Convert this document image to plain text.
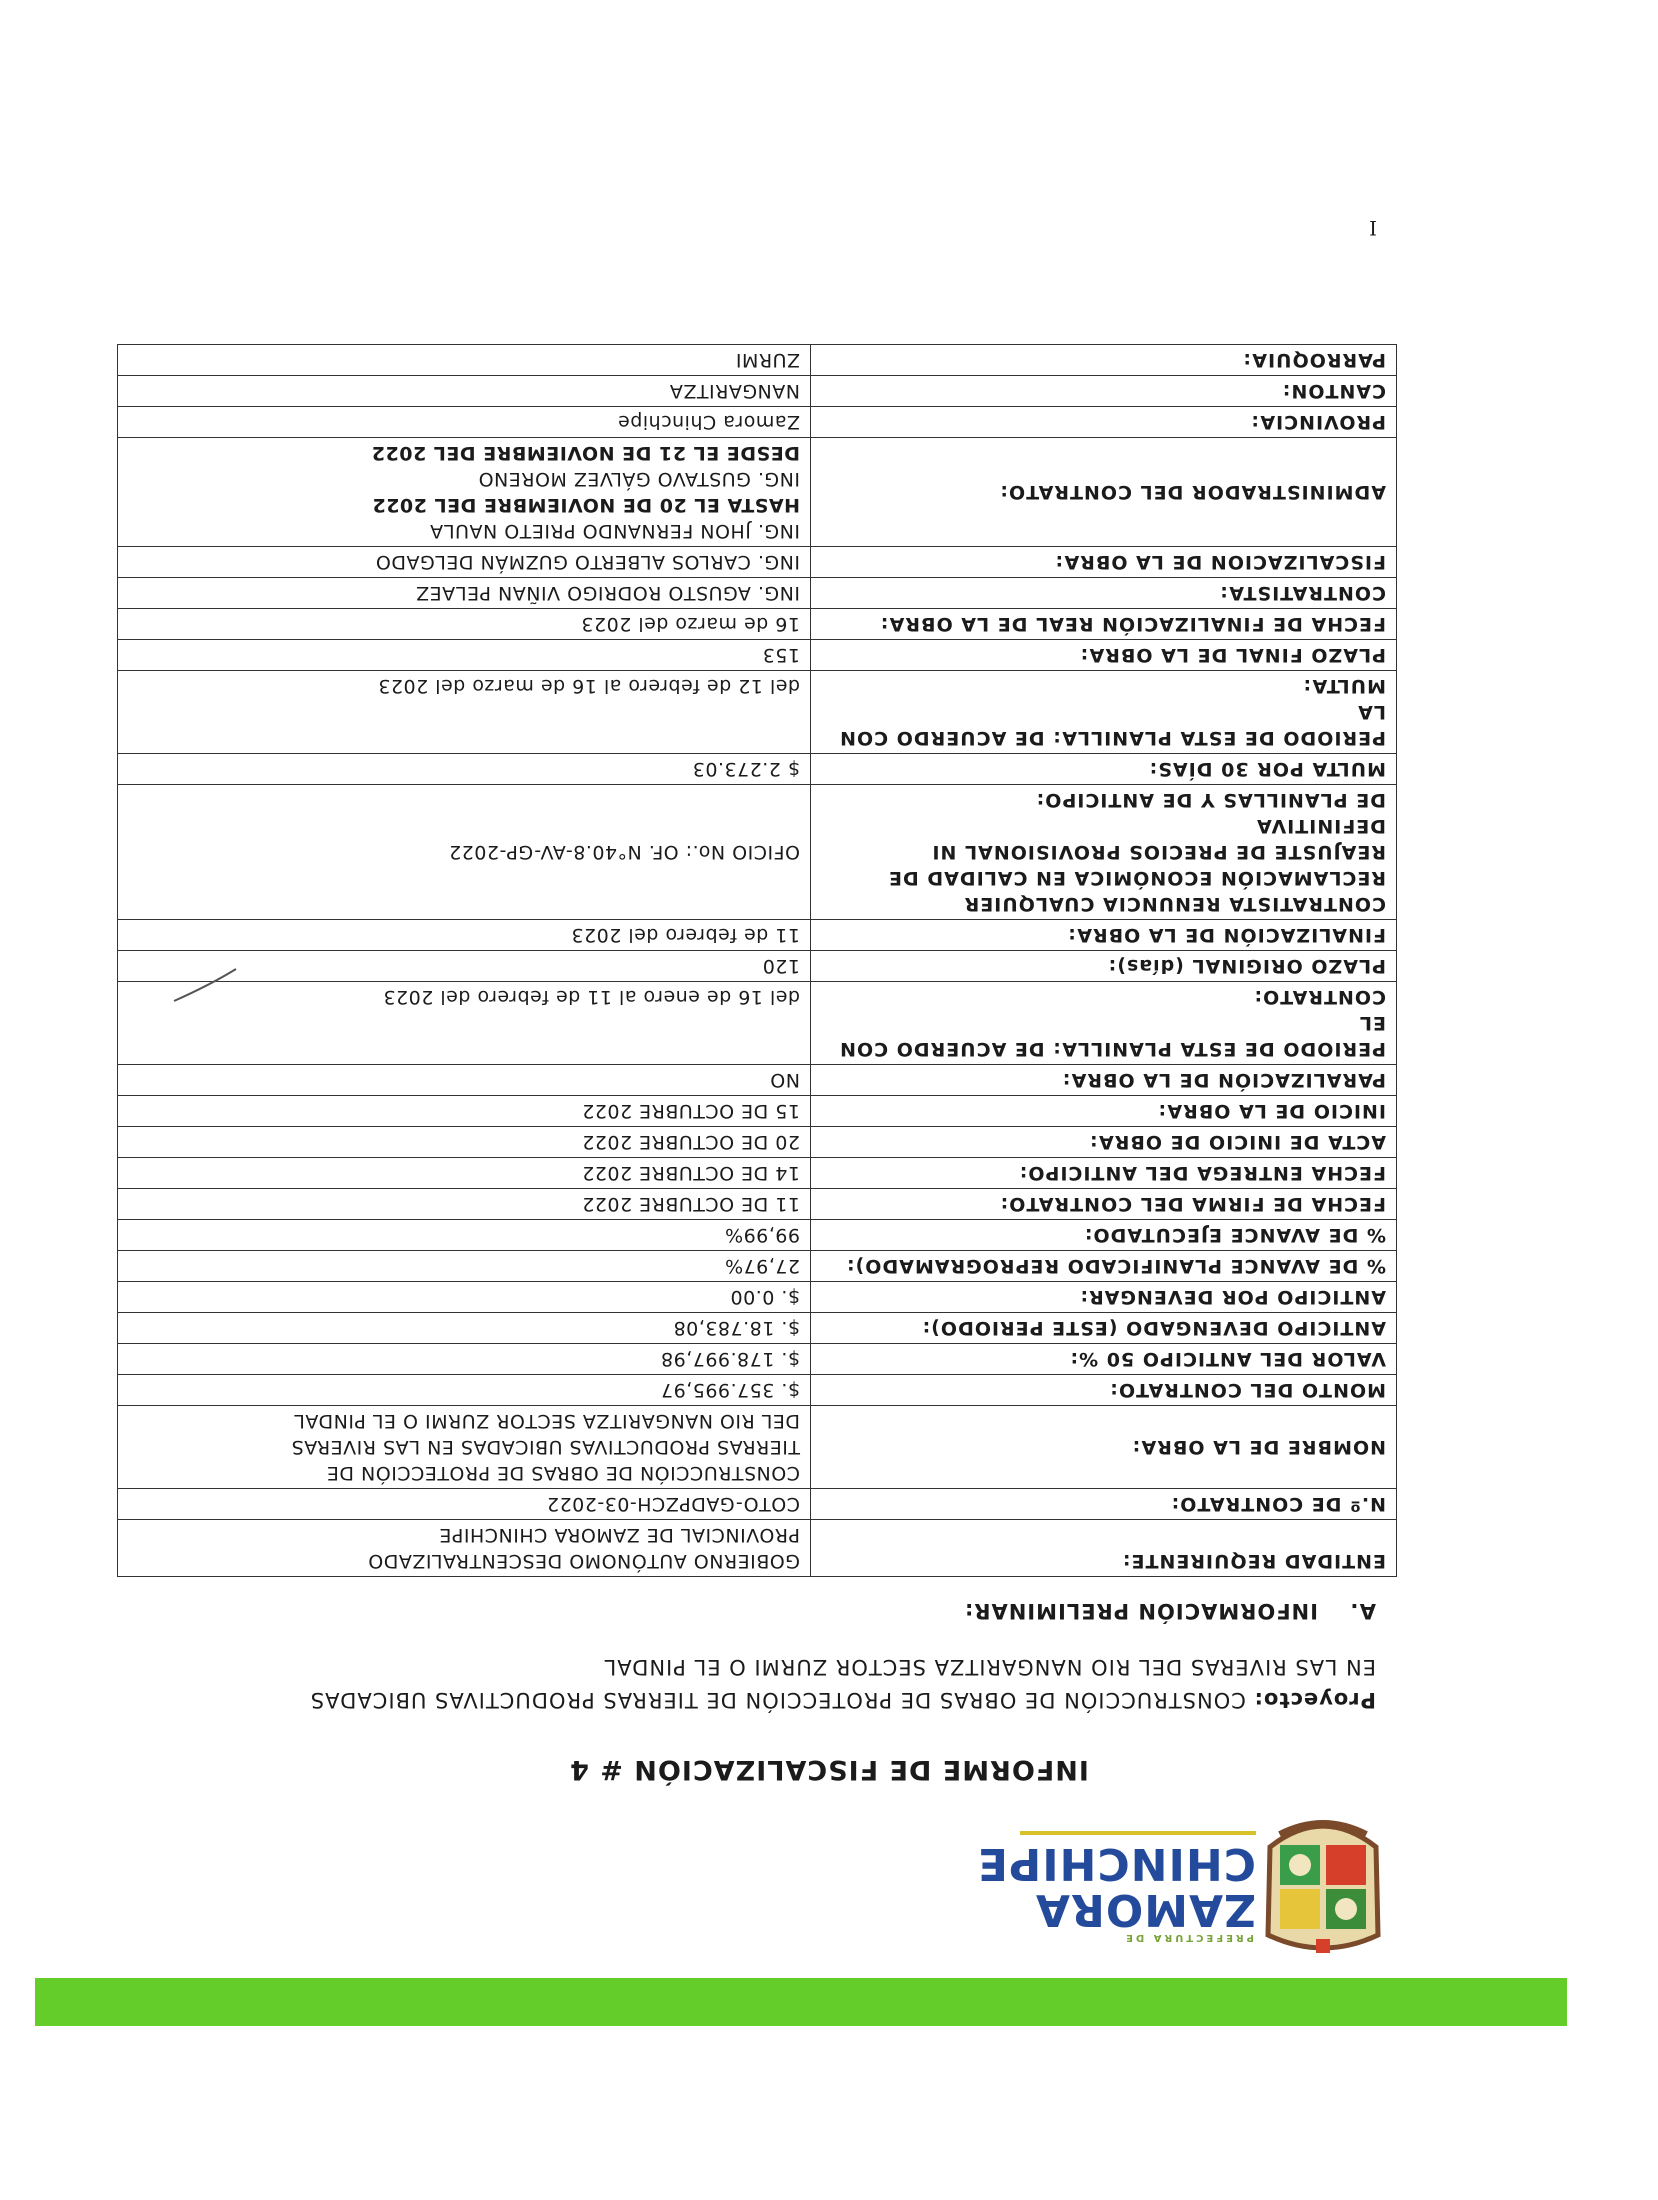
PREFECTURA DE
ZAMORA
CHINCHIPE
INFORME DE FISCALIZACIÓN # 4
Proyecto: CONSTRUCCIÓN DE OBRAS DE PROTECCIÓN DE TIERRAS PRODUCTIVAS UBICADAS
EN LAS RIVERAS DEL RIO NANGARITZA SECTOR ZURMI O EL PINDAL
A.INFORMACIÓN PRELIMINAR:
ENTIDAD REQUIRENTE:	GOBIERNO AUTÓNOMO DESCENTRALIZADO
PROVINCIAL DE ZAMORA CHINCHIPE
N.º DE CONTRATO:	COTO-GADPZCH-03-2022
NOMBRE DE LA OBRA:	CONSTRUCCIÓN DE OBRAS DE PROTECCIÓN DE
TIERRAS PRODUCTIVAS UBICADAS EN LAS RIVERAS
DEL RIO NANGARITZA SECTOR ZURMI O EL PINDAL
MONTO DEL CONTRATO:	$. 357.995,97
VALOR DEL ANTICIPO 50 %:	$. 178.997,98
ANTICIPO DEVENGADO (ESTE PERIODO):	$. 18.783,08
ANTICIPO POR DEVENGAR:	$. 0.00
% DE AVANCE PLANIFICADO REPROGRAMADO):	27,97%
% DE AVANCE EJECUTADO:	99,99%
FECHA DE FIRMA DEL CONTRATO:	11 DE OCTUBRE 2022
FECHA ENTREGA DEL ANTICIPO:	14 DE OCTUBRE 2022
ACTA DE INICIO DE OBRA:	20 DE OCTUBRE 2022
INICIO DE LA OBRA:	15 DE OCTUBRE 2022
PARALIZACIÓN DE LA OBRA:	NO
PERIODO DE ESTA PLANILLA: DE ACUERDO CON EL
CONTRATO:	del 16 de enero al 11 de febrero del 2023
PLAZO ORIGINAL (días):	120
FINALIZACIÓN DE LA OBRA:	11 de febrero del 2023
CONTRATISTA RENUNCIA CUALQUIER
RECLAMACIÓN ECONÓMICA EN CALIDAD DE
REAJUSTE DE PRECIOS PROVISIONAL NI DEFINITIVA
DE PLANILLAS Y DE ANTICIPO:	OFICIO No.: OF. N°40.8-AV-GP-2022
MULTA POR 30 DÍAS:	$ 2.273.03
PERIODO DE ESTA PLANILLA: DE ACUERDO CON LA
MULTA:	del 12 de febrero al 16 de marzo del 2023
PLAZO FINAL DE LA OBRA:	153
FECHA DE FINALIZACIÓN REAL DE LA OBRA:	16 de marzo del 2023
CONTRATISTA:	ING. AGUSTO RODRIGO VIÑAN PELAEZ
FISCALIZACION DE LA OBRA:	ING. CARLOS ALBERTO GUZMÁN DELGADO
ADMINISTRADOR DEL CONTRATO:	ING. JHON FERNANDO PRIETO NAULA
HASTA EL 20 DE NOVIEMBRE DEL 2022
ING. GUSTAVO GÁLVEZ MORENO
DESDE EL 21 DE NOVIEMBRE DEL 2022
PROVINCIA:	Zamora Chinchipe
CANTON:	NANGARITZA
PARROQUIA:	ZURMI
I
